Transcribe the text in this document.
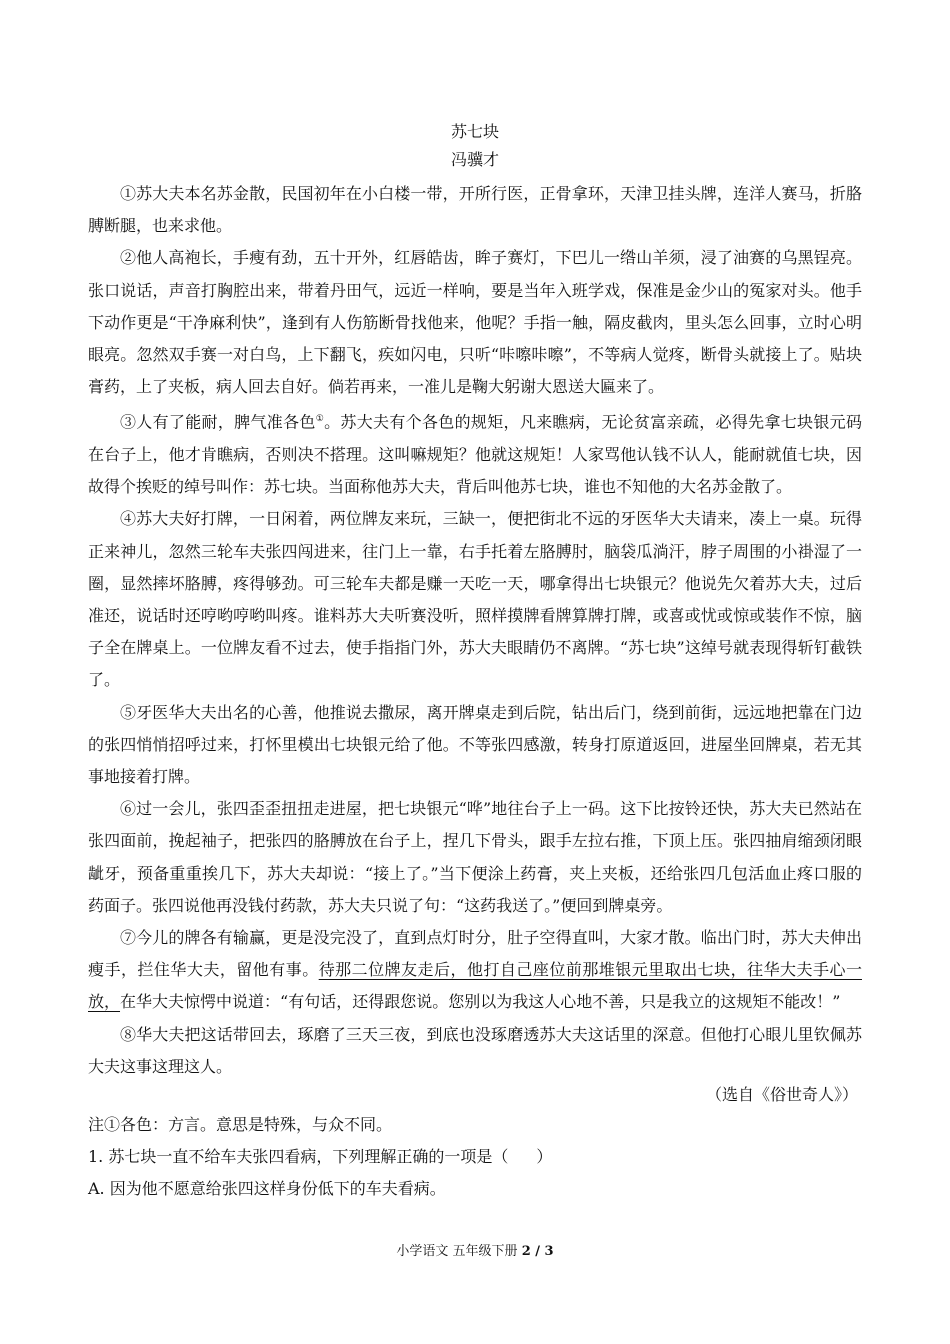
苏七块
冯骥才

①苏大夫本名苏金散，民国初年在小白楼一带，开所行医，正骨拿环，天津卫挂头牌，连洋人赛马，折胳膊断腿，也来求他。

②他人高袍长，手瘦有劲，五十开外，红唇皓齿，眸子赛灯，下巴儿一绺山羊须，浸了油赛的乌黑锃亮。张口说话，声音打胸腔出来，带着丹田气，远近一样响，要是当年入班学戏，保准是金少山的冤家对头。他手下动作更是“干净麻利快”，逢到有人伤筋断骨找他来，他呢？手指一触，隔皮截肉，里头怎么回事，立时心明眼亮。忽然双手赛一对白鸟，上下翻飞，疾如闪电，只听“咔嚓咔嚓”，不等病人觉疼，断骨头就接上了。贴块膏药，上了夹板，病人回去自好。倘若再来，一准儿是鞠大躬谢大恩送大匾来了。

③人有了能耐，脾气准各色①。苏大夫有个各色的规矩，凡来瞧病，无论贫富亲疏，必得先拿七块银元码在台子上，他才肯瞧病，否则决不搭理。这叫嘛规矩？他就这规矩！人家骂他认钱不认人，能耐就值七块，因故得个挨贬的绰号叫作：苏七块。当面称他苏大夫，背后叫他苏七块，谁也不知他的大名苏金散了。

④苏大夫好打牌，一日闲着，两位牌友来玩，三缺一，便把街北不远的牙医华大夫请来，凑上一桌。玩得正来神儿，忽然三轮车夫张四闯进来，往门上一靠，右手托着左胳膊肘，脑袋瓜淌汗，脖子周围的小褂湿了一圈，显然摔坏胳膊，疼得够劲。可三轮车夫都是赚一天吃一天，哪拿得出七块银元？他说先欠着苏大夫，过后准还，说话时还哼哟哼哟叫疼。谁料苏大夫听赛没听，照样摸牌看牌算牌打牌，或喜或忧或惊或装作不惊，脑子全在牌桌上。一位牌友看不过去，使手指指门外，苏大夫眼睛仍不离牌。“苏七块”这绰号就表现得斩钉截铁了。

⑤牙医华大夫出名的心善，他推说去撒尿，离开牌桌走到后院，钻出后门，绕到前街，远远地把靠在门边的张四悄悄招呼过来，打怀里模出七块银元给了他。不等张四感激，转身打原道返回，进屋坐回牌桌，若无其事地接着打牌。

⑥过一会儿，张四歪歪扭扭走进屋，把七块银元“哗”地往台子上一码。这下比按铃还快，苏大夫已然站在张四面前，挽起袖子，把张四的胳膊放在台子上，捏几下骨头，跟手左拉右推，下顶上压。张四抽肩缩颈闭眼龇牙，预备重重挨几下，苏大夫却说：“接上了。”当下便涂上药膏，夹上夹板，还给张四几包活血止疼口服的药面子。张四说他再没钱付药款，苏大夫只说了句：“这药我送了。”便回到牌桌旁。

⑦今儿的牌各有输赢，更是没完没了，直到点灯时分，肚子空得直叫，大家才散。临出门时，苏大夫伸出瘦手，拦住华大夫，留他有事。待那二位牌友走后，他打自己座位前那堆银元里取出七块，往华大夫手心一放，在华大夫惊愕中说道：“有句话，还得跟您说。您别以为我这人心地不善，只是我立的这规矩不能改！”

⑧华大夫把这话带回去，琢磨了三天三夜，到底也没琢磨透苏大夫这话里的深意。但他打心眼儿里钦佩苏大夫这事这理这人。

（选自《俗世奇人》）
注①各色：方言。意思是特殊，与众不同。
1. 苏七块一直不给车夫张四看病，下列理解正确的一项是（ ）
A. 因为他不愿意给张四这样身份低下的车夫看病。
小学语文 五年级下册 2 / 3
